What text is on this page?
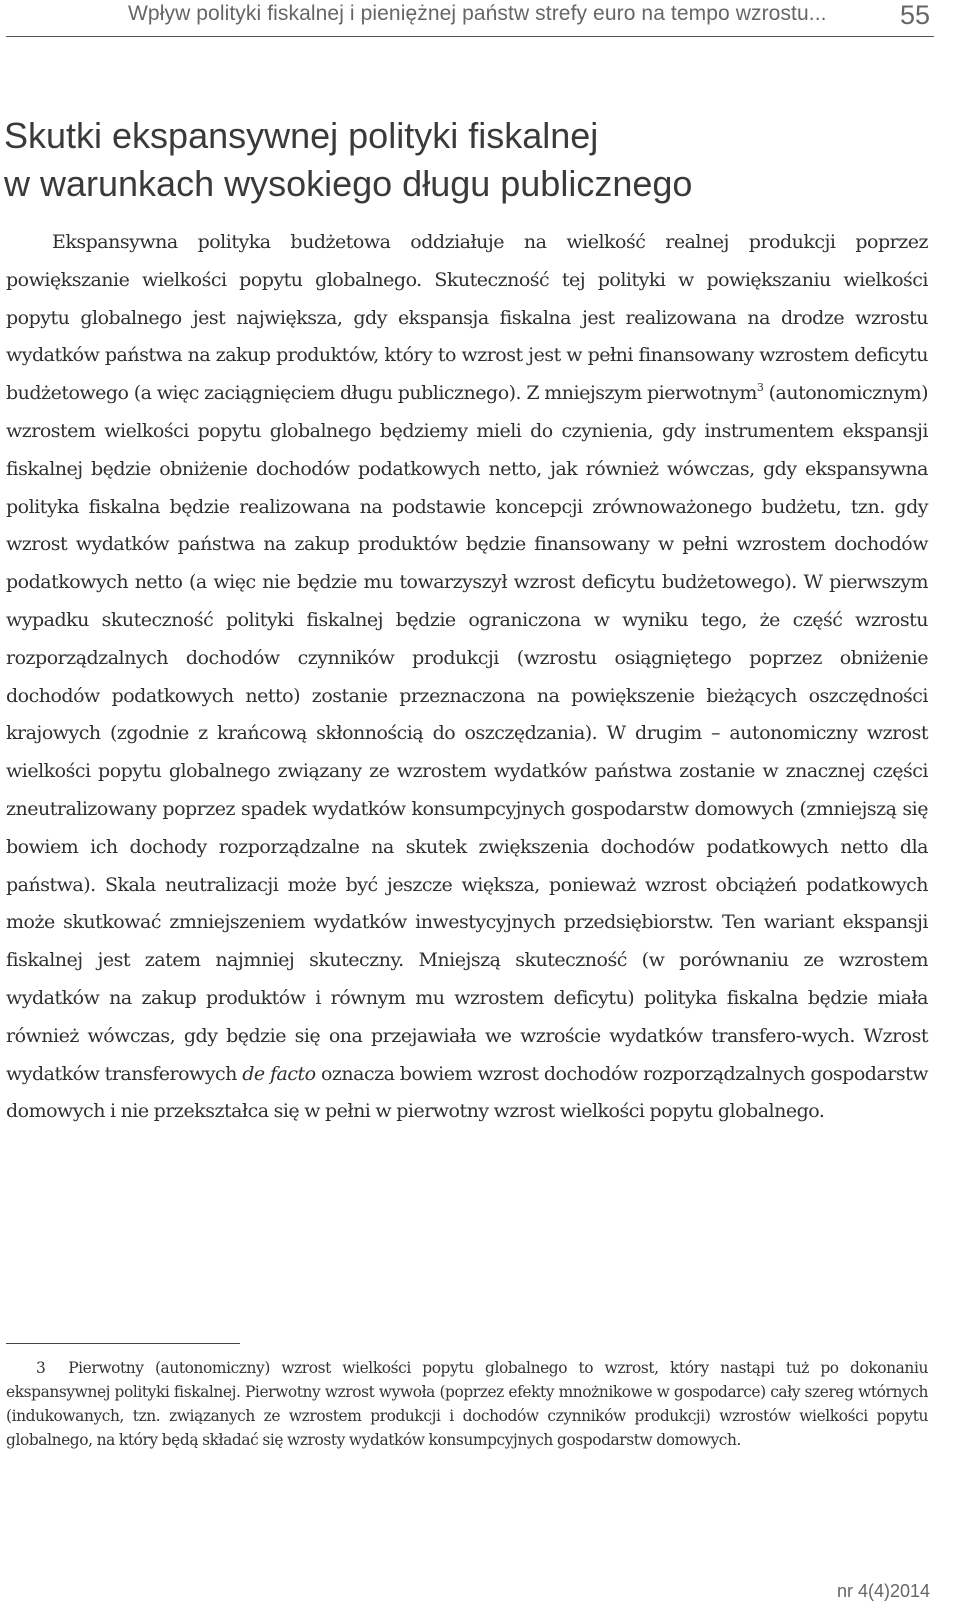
Wpływ polityki fiskalnej i pieniężnej państw strefy euro na tempo wzrostu...	55
Skutki ekspansywnej polityki fiskalnej
w warunkach wysokiego długu publicznego

Ekspansywna polityka budżetowa oddziałuje na wielkość realnej produkcji poprzez powiększanie wielkości popytu globalnego. Skuteczność tej polityki w powiększaniu wielkości popytu globalnego jest największa, gdy ekspansja fiskalna jest realizowana na drodze wzrostu wydatków państwa na zakup produktów, który to wzrost jest w pełni finansowany wzrostem deficytu budżetowego (a więc zaciągnięciem długu publicznego). Z mniejszym pierwotnym$^3$ (autonomicznym) wzrostem wielkości popytu globalnego będziemy mieli do czynienia, gdy instrumentem ekspansji fiskalnej będzie obniżenie dochodów podatkowych netto, jak również wówczas, gdy ekspansywna polityka fiskalna będzie realizowana na podstawie koncepcji zrównoważonego budżetu, tzn. gdy wzrost wydatków państwa na zakup produktów będzie finansowany w pełni wzrostem dochodów podatkowych netto (a więc nie będzie mu towarzyszył wzrost deficytu budżetowego). W pierwszym wypadku skuteczność polityki fiskalnej będzie ograniczona w wyniku tego, że część wzrostu rozporządzalnych dochodów czynników produkcji (wzrostu osiągniętego poprzez obniżenie dochodów podatkowych netto) zostanie przeznaczona na powiększenie bieżących oszczędności krajowych (zgodnie z krańcową skłonnością do oszczędzania). W drugim – autonomiczny wzrost wielkości popytu globalnego związany ze wzrostem wydatków państwa zostanie w znacznej części zneutralizowany poprzez spadek wydatków konsumpcyjnych gospodarstw domowych (zmniejszą się bowiem ich dochody rozporządzalne na skutek zwiększenia dochodów podatkowych netto dla państwa). Skala neutralizacji może być jeszcze większa, ponieważ wzrost obciążeń podatkowych może skutkować zmniejszeniem wydatków inwestycyjnych przedsiębiorstw. Ten wariant ekspansji fiskalnej jest zatem najmniej skuteczny. Mniejszą skuteczność (w porównaniu ze wzrostem wydatków na zakup produktów i równym mu wzrostem deficytu) polityka fiskalna będzie miała również wówczas, gdy będzie się ona przejawiała we wzroście wydatków transfero-wych. Wzrost wydatków transferowych de facto oznacza bowiem wzrost dochodów rozporządzalnych gospodarstw domowych i nie przekształca się w pełni w pierwotny wzrost wielkości popytu globalnego.

3 Pierwotny (autonomiczny) wzrost wielkości popytu globalnego to wzrost, który nastąpi tuż po dokonaniu ekspansywnej polityki fiskalnej. Pierwotny wzrost wywoła (poprzez efekty mnożnikowe w gospodarce) cały szereg wtórnych (indukowanych, tzn. związanych ze wzrostem produkcji i dochodów czynników produkcji) wzrostów wielkości popytu globalnego, na który będą składać się wzrosty wydatków konsumpcyjnych gospodarstw domowych.

nr 4(4)2014
